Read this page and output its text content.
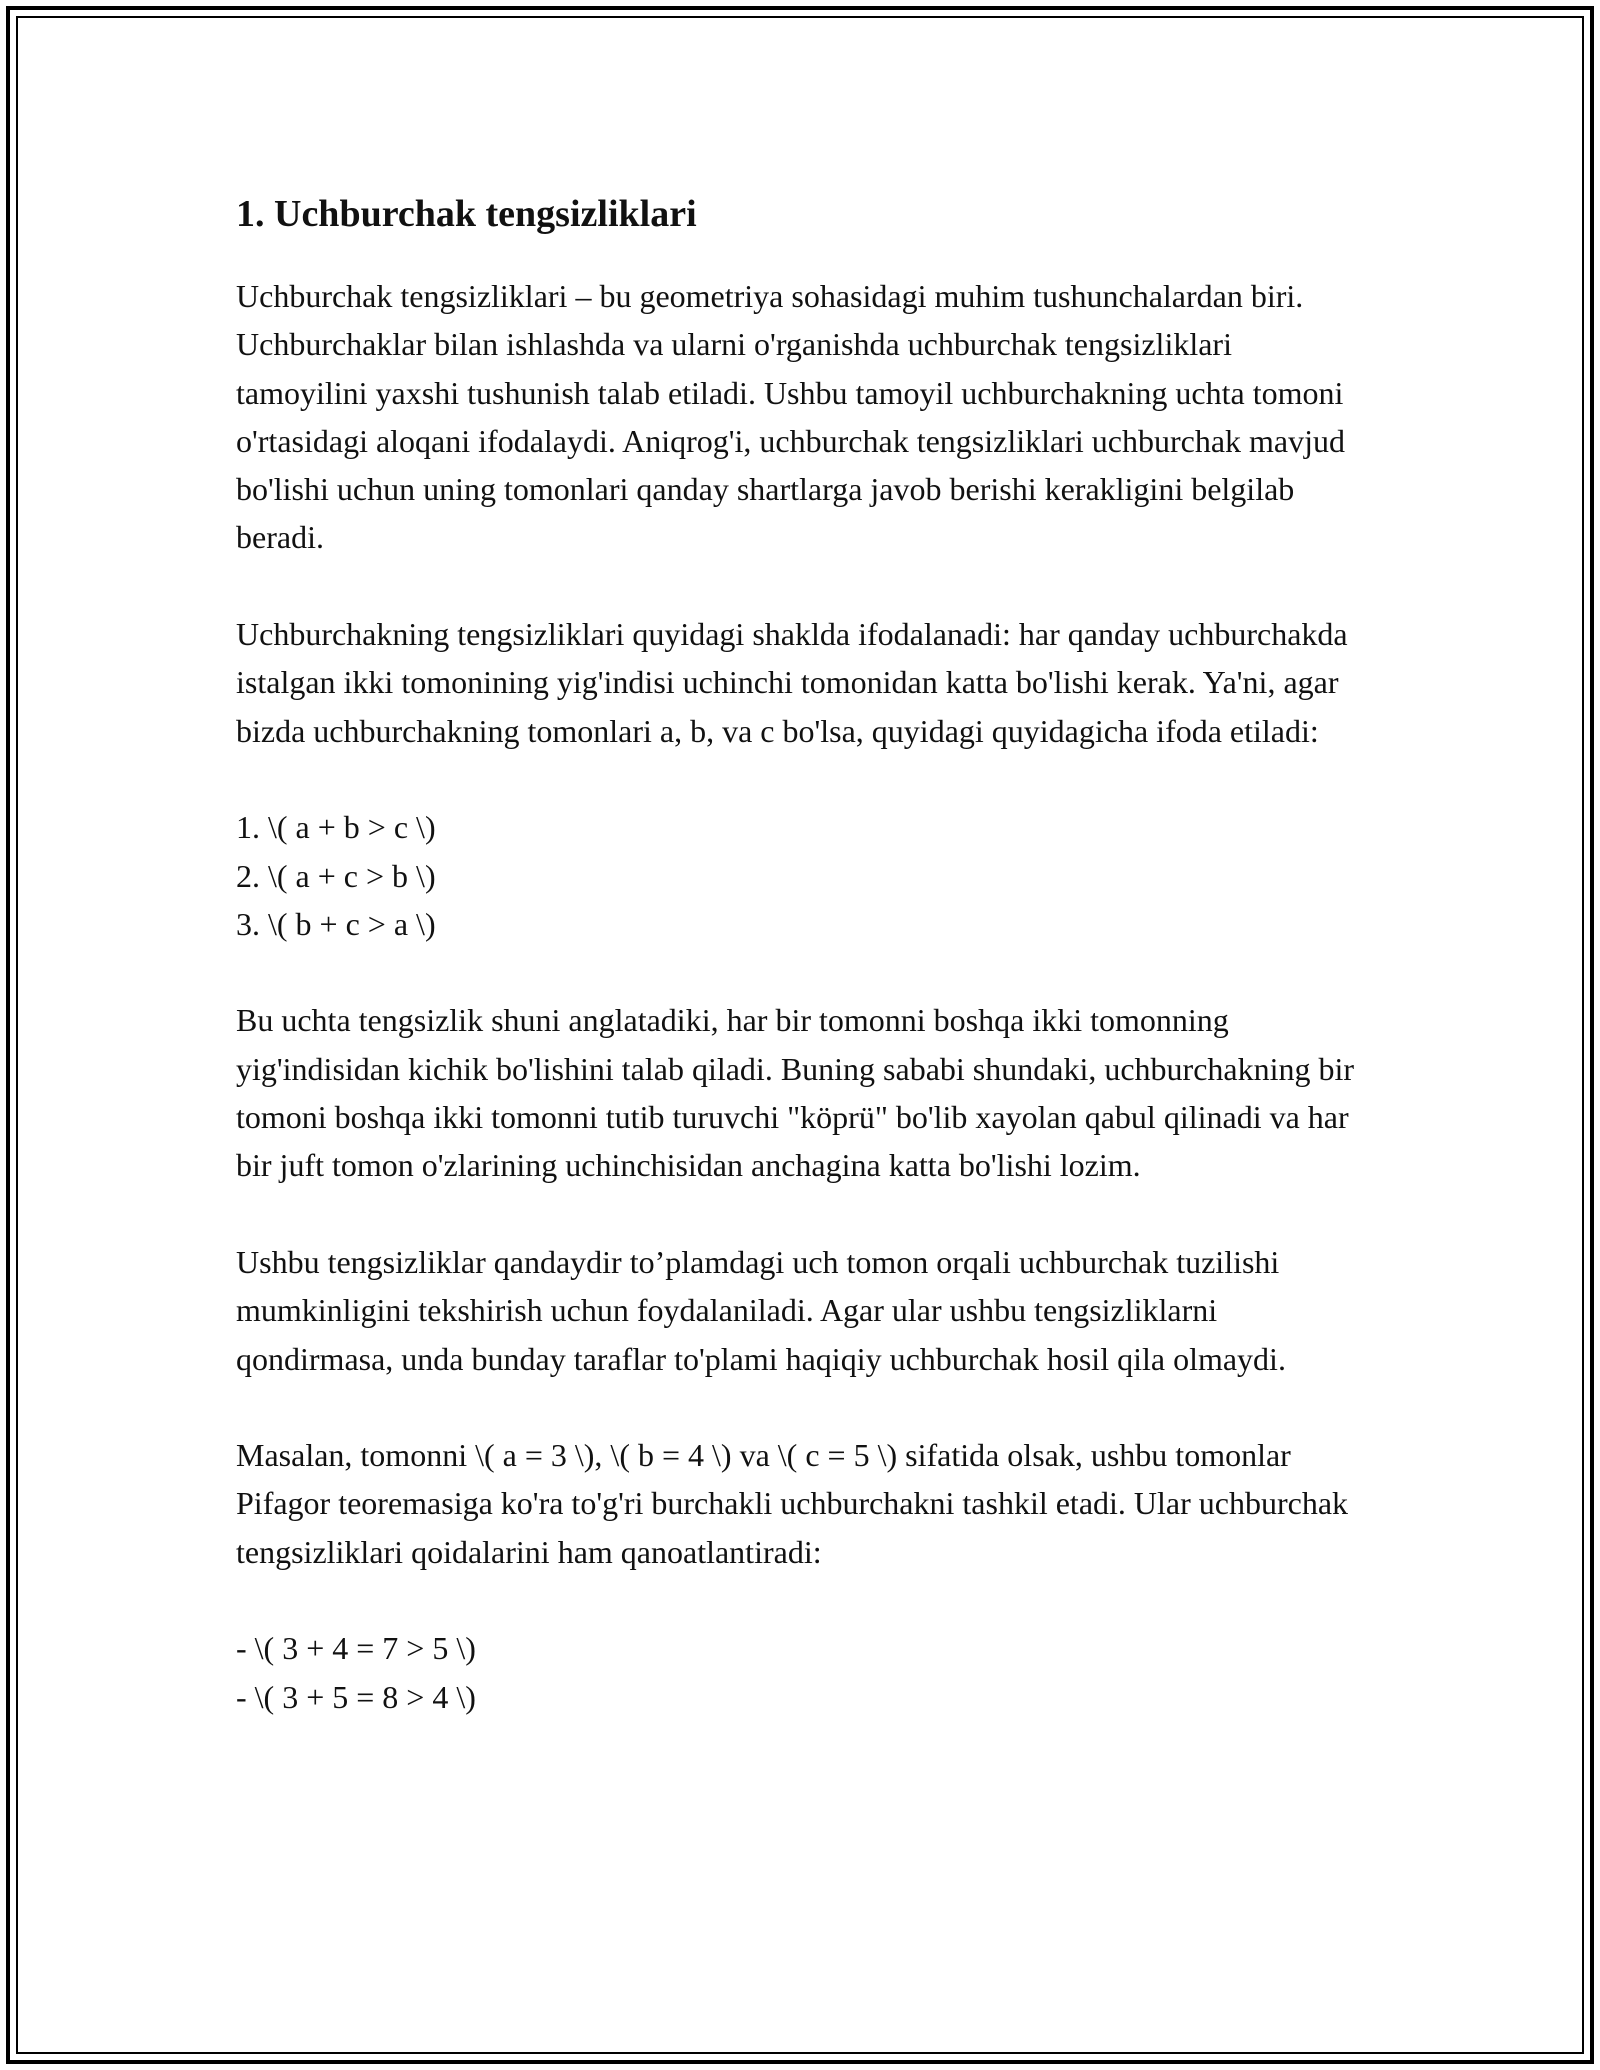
1. Uchburchak tengsizliklari

Uchburchak tengsizliklari – bu geometriya sohasidagi muhim tushunchalardan biri. Uchburchaklar bilan ishlashda va ularni o'rganishda uchburchak tengsizliklari tamoyilini yaxshi tushunish talab etiladi. Ushbu tamoyil uchburchakning uchta tomoni o'rtasidagi aloqani ifodalaydi. Aniqrog'i, uchburchak tengsizliklari uchburchak mavjud bo'lishi uchun uning tomonlari qanday shartlarga javob berishi kerakligini belgilab beradi.

Uchburchakning tengsizliklari quyidagi shaklda ifodalanadi: har qanday uchburchakda istalgan ikki tomonining yig'indisi uchinchi tomonidan katta bo'lishi kerak. Ya'ni, agar bizda uchburchakning tomonlari a, b, va c bo'lsa, quyidagi quyidagicha ifoda etiladi:

1. \( a + b > c \)
2. \( a + c > b \)
3. \( b + c > a \)

Bu uchta tengsizlik shuni anglatadiki, har bir tomonni boshqa ikki tomonning yig'indisidan kichik bo'lishini talab qiladi. Buning sababi shundaki, uchburchakning bir tomoni boshqa ikki tomonni tutib turuvchi "köprü" bo'lib xayolan qabul qilinadi va har bir juft tomon o'zlarining uchinchisidan anchagina katta bo'lishi lozim.

Ushbu tengsizliklar qandaydir to’plamdagi uch tomon orqali uchburchak tuzilishi mumkinligini tekshirish uchun foydalaniladi. Agar ular ushbu tengsizliklarni qondirmasa, unda bunday taraflar to'plami haqiqiy uchburchak hosil qila olmaydi.

Masalan, tomonni \( a = 3 \), \( b = 4 \) va \( c = 5 \) sifatida olsak, ushbu tomonlar Pifagor teoremasiga ko'ra to'g'ri burchakli uchburchakni tashkil etadi. Ular uchburchak tengsizliklari qoidalarini ham qanoatlantiradi:

- \( 3 + 4 = 7 > 5 \)
- \( 3 + 5 = 8 > 4 \)
